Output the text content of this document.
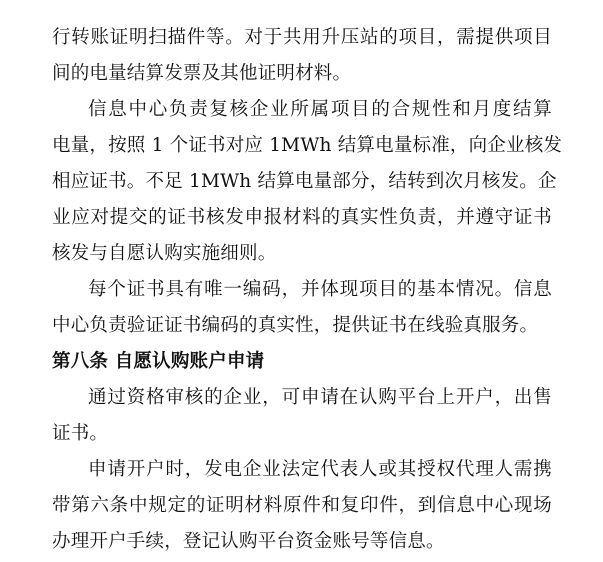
行转账证明扫描件等。对于共用升压站的项目，需提供项目
间的电量结算发票及其他证明材料。
信息中心负责复核企业所属项目的合规性和月度结算
电量，按照 1 个证书对应 1MWh 结算电量标准，向企业核发
相应证书。不足 1MWh 结算电量部分，结转到次月核发。企
业应对提交的证书核发申报材料的真实性负责，并遵守证书
核发与自愿认购实施细则。
每个证书具有唯一编码，并体现项目的基本情况。信息
中心负责验证证书编码的真实性，提供证书在线验真服务。
第八条 自愿认购账户申请
通过资格审核的企业，可申请在认购平台上开户，出售
证书。
申请开户时，发电企业法定代表人或其授权代理人需携
带第六条中规定的证明材料原件和复印件，到信息中心现场
办理开户手续，登记认购平台资金账号等信息。
